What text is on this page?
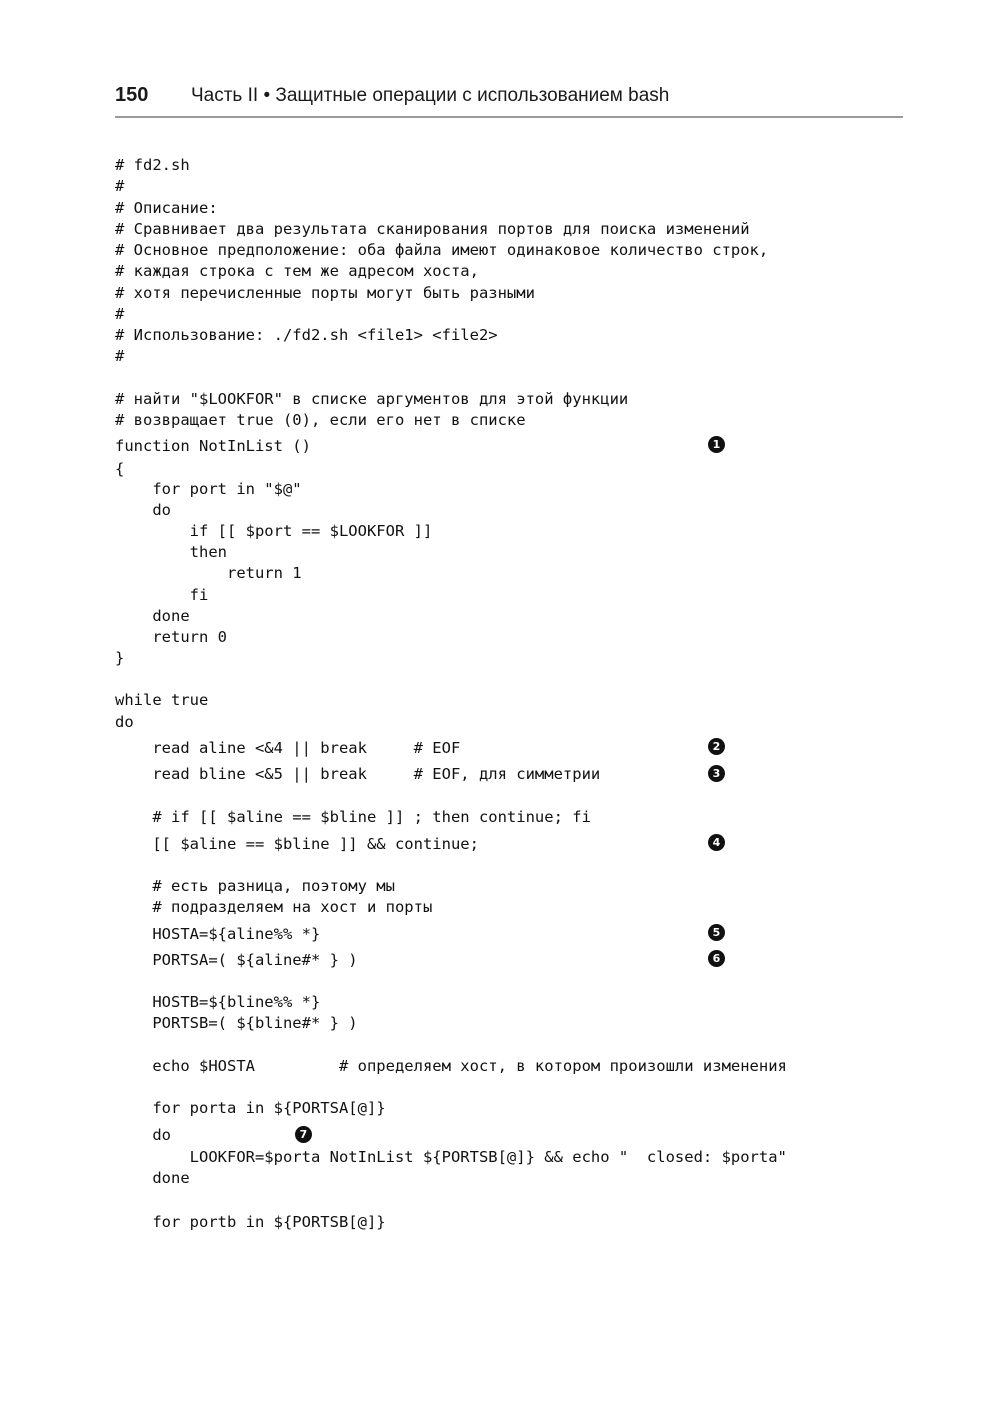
150 Часть II • Защитные операции с использованием bash
# fd2.sh
#
# Описание:
# Сравнивает два результата сканирования портов для поиска изменений
# Основное предположение: оба файла имеют одинаковое количество строк,
# каждая строка с тем же адресом хоста,
# хотя перечисленные порты могут быть разными
#
# Использование: ./fd2.sh <file1> <file2>
#
# найти "$LOOKFOR" в списке аргументов для этой функции
# возвращает true (0), если его нет в списке
function NotInList ()
{
for port in "$@"
do
if [[ $port == $LOOKFOR ]]
then
return 1
fi
done
return 0
}
while true
do
read aline <&4 || break     # EOF
read bline <&5 || break     # EOF, для симметрии
# if [[ $aline == $bline ]] ; then continue; fi
[[ $aline == $bline ]] && continue;
# есть разница, поэтому мы
# подразделяем на хост и порты
HOSTA=${aline%% *}
PORTSA=( ${aline#* } )
HOSTB=${bline%% *}
PORTSB=( ${bline#* } )
echo $HOSTA         # определяем хост, в котором произошли изменения
for porta in ${PORTSA[@]}
do
LOOKFOR=$porta NotInList ${PORTSB[@]} && echo "  closed: $porta"
done
for portb in ${PORTSB[@]}
1
2
3
4
5
6
7
